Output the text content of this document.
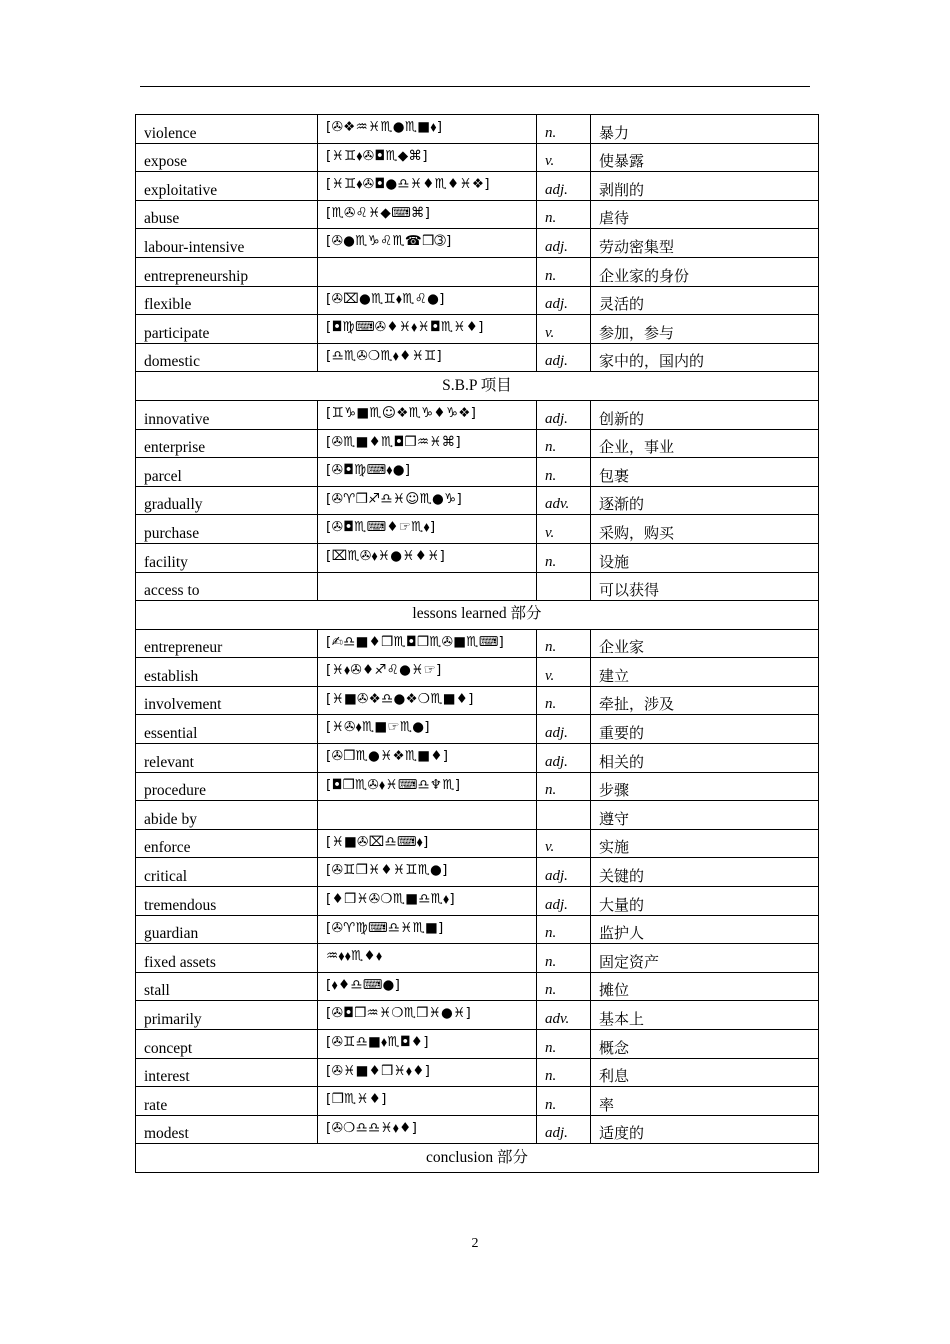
violence	[✇❖♒♓♏●♏■⬧]	n.	暴力
expose	[♓♊⬧✇◘♏◆⌘]	v.	使暴露
exploitative	[♓♊⬧✇◘●♎♓♦♏♦♓❖]	adj.	剥削的
abuse	[♏✇♌♓◆⌨⌘]	n.	虐待
labour-intensive	[✇●♏♑♌♏☎❒➂]	adj.	劳动密集型
entrepreneurship		n.	企业家的身份
flexible	[✇⌧●♏♊⬧♏♌●]	adj.	灵活的
participate	[◘♍⌨✇♦♓⬧♓◘♏♓♦]	v.	参加，参与
domestic	[♎♏✇❍♏⬧♦♓♊]	adj.	家中的，国内的
S.B.P 项目			
innovative	[♊♑■♏☺❖♏♑♦♑❖]	adj.	创新的
enterprise	[✇♏■♦♏◘❒♒♓⌘]	n.	企业，事业
parcel	[✇◘♍⌨⬧●]	n.	包裹
gradually	[✇♈❒♐♎♓☺♏●♑]	adv.	逐渐的
purchase	[✇◘♏⌨♦☞♏⬧]	v.	采购，购买
facility	[⌧♏✇⬧♓●♓♦♓]	n.	设施
access to			可以获得
lessons learned 部分			
entrepreneur	[✍♎■♦❒♏◘❒♏✇■♏⌨]	n.	企业家
establish	[♓⬧✇♦♐♌●♓☞]	v.	建立
involvement	[♓■✇❖♎●❖❍♏■♦]	n.	牵扯，涉及
essential	[♓✇⬧♏■☞♏●]	adj.	重要的
relevant	[✇❒♏●♓❖♏■♦]	adj.	相关的
procedure	[◘❒♏✇⬧♓⌨♎♆♏]	n.	步骤
abide by			遵守
enforce	[♓■✇⌧♎⌨⬧]	v.	实施
critical	[✇♊❒♓♦♓♊♏●]	adj.	关键的
tremendous	[♦❒♓✇❍♏■♎♏⬧]	adj.	大量的
guardian	[✇♈♍⌨♎♓♏■]	n.	监护人
fixed assets	♒⬧⬧♏♦⬧	n.	固定资产
stall	[⬧♦♎⌨●]	n.	摊位
primarily	[✇◘❒♒♓❍♏❒♓●♓]	adv.	基本上
concept	[✇♊♎■⬧♏◘♦]	n.	概念
interest	[✇♓■♦❒♓⬧♦]	n.	利息
rate	[❒♏♓♦]	n.	率
modest	[✇❍♎♎♓⬧♦]	adj.	适度的
conclusion 部分			
2
